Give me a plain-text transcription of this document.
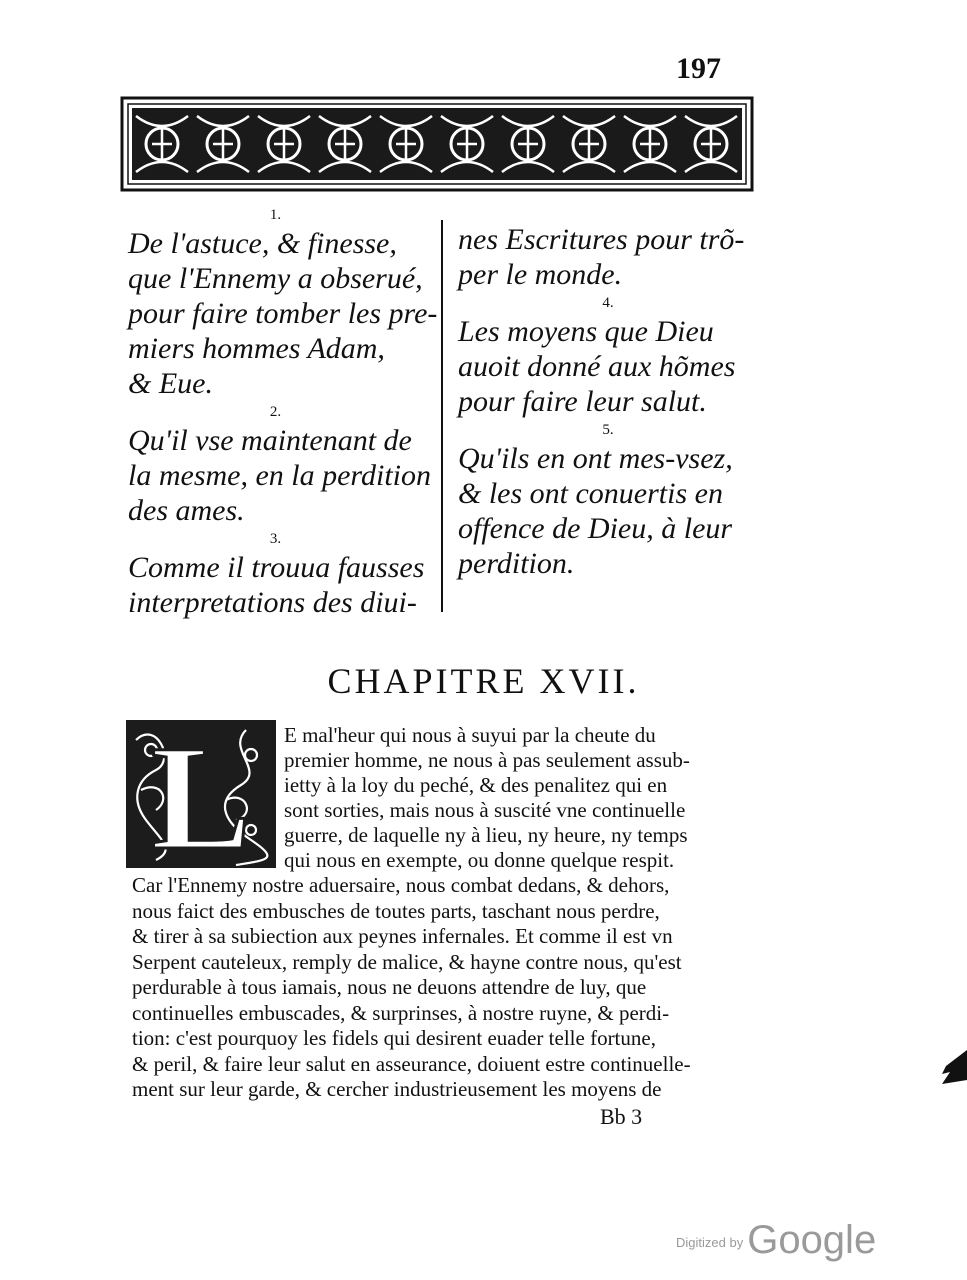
197
1.
De l'astuce, & finesse,
que l'Ennemy a obserué,
pour faire tomber les pre-
miers hommes Adam,
& Eue.
2.
Qu'il vse maintenant de
la mesme, en la perdition
des ames.
3.
Comme il trouua fausses
interpretations des diui-
nes Escritures pour trõ-
per le monde.
4.
Les moyens que Dieu
auoit donné aux hõmes
pour faire leur salut.
5.
Qu'ils en ont mes-vsez,
& les ont conuertis en
offence de Dieu, à leur
perdition.
CHAPITRE XVII.
L E mal'heur qui nous à suyui par la cheute du
premier homme, ne nous à pas seulement assub-
ietty à la loy du peché, & des penalitez qui en
sont sorties, mais nous à suscité vne continuelle
guerre, de laquelle ny à lieu, ny heure, ny temps
qui nous en exempte, ou donne quelque respit.
Car l'Ennemy nostre aduersaire, nous combat dedans, & dehors,
nous faict des embusches de toutes parts, taschant nous perdre,
& tirer à sa subiection aux peynes infernales. Et comme il est vn
Serpent cauteleux, remply de malice, & hayne contre nous, qu'est
perdurable à tous iamais, nous ne deuons attendre de luy, que
continuelles embuscades, & surprinses, à nostre ruyne, & perdi-
tion: c'est pourquoy les fidels qui desirent euader telle fortune,
& peril, & faire leur salut en asseurance, doiuent estre continuelle-
ment sur leur garde, & cercher industrieusement les moyens de
Bb 3
Digitized by Google
